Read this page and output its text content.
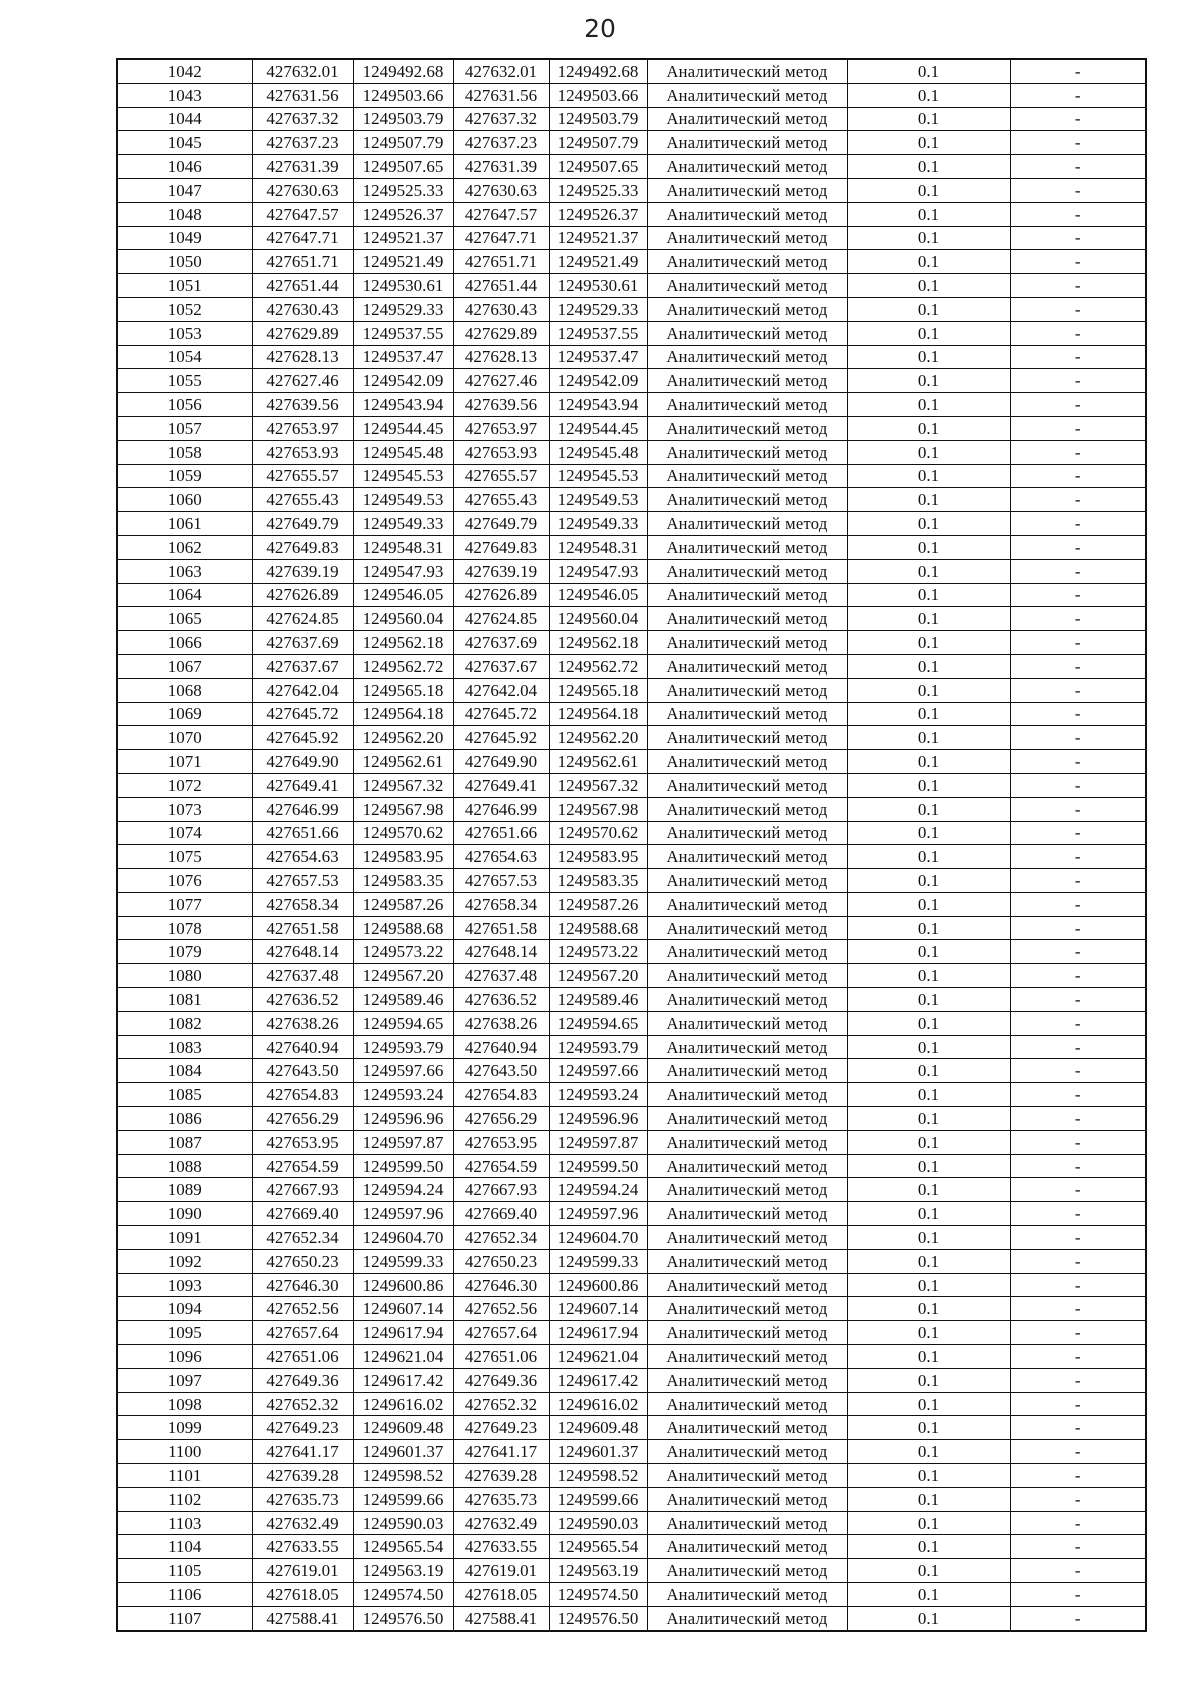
20
1042	427632.01	1249492.68	427632.01	1249492.68	Аналитический метод	0.1	-
1043	427631.56	1249503.66	427631.56	1249503.66	Аналитический метод	0.1	-
1044	427637.32	1249503.79	427637.32	1249503.79	Аналитический метод	0.1	-
1045	427637.23	1249507.79	427637.23	1249507.79	Аналитический метод	0.1	-
1046	427631.39	1249507.65	427631.39	1249507.65	Аналитический метод	0.1	-
1047	427630.63	1249525.33	427630.63	1249525.33	Аналитический метод	0.1	-
1048	427647.57	1249526.37	427647.57	1249526.37	Аналитический метод	0.1	-
1049	427647.71	1249521.37	427647.71	1249521.37	Аналитический метод	0.1	-
1050	427651.71	1249521.49	427651.71	1249521.49	Аналитический метод	0.1	-
1051	427651.44	1249530.61	427651.44	1249530.61	Аналитический метод	0.1	-
1052	427630.43	1249529.33	427630.43	1249529.33	Аналитический метод	0.1	-
1053	427629.89	1249537.55	427629.89	1249537.55	Аналитический метод	0.1	-
1054	427628.13	1249537.47	427628.13	1249537.47	Аналитический метод	0.1	-
1055	427627.46	1249542.09	427627.46	1249542.09	Аналитический метод	0.1	-
1056	427639.56	1249543.94	427639.56	1249543.94	Аналитический метод	0.1	-
1057	427653.97	1249544.45	427653.97	1249544.45	Аналитический метод	0.1	-
1058	427653.93	1249545.48	427653.93	1249545.48	Аналитический метод	0.1	-
1059	427655.57	1249545.53	427655.57	1249545.53	Аналитический метод	0.1	-
1060	427655.43	1249549.53	427655.43	1249549.53	Аналитический метод	0.1	-
1061	427649.79	1249549.33	427649.79	1249549.33	Аналитический метод	0.1	-
1062	427649.83	1249548.31	427649.83	1249548.31	Аналитический метод	0.1	-
1063	427639.19	1249547.93	427639.19	1249547.93	Аналитический метод	0.1	-
1064	427626.89	1249546.05	427626.89	1249546.05	Аналитический метод	0.1	-
1065	427624.85	1249560.04	427624.85	1249560.04	Аналитический метод	0.1	-
1066	427637.69	1249562.18	427637.69	1249562.18	Аналитический метод	0.1	-
1067	427637.67	1249562.72	427637.67	1249562.72	Аналитический метод	0.1	-
1068	427642.04	1249565.18	427642.04	1249565.18	Аналитический метод	0.1	-
1069	427645.72	1249564.18	427645.72	1249564.18	Аналитический метод	0.1	-
1070	427645.92	1249562.20	427645.92	1249562.20	Аналитический метод	0.1	-
1071	427649.90	1249562.61	427649.90	1249562.61	Аналитический метод	0.1	-
1072	427649.41	1249567.32	427649.41	1249567.32	Аналитический метод	0.1	-
1073	427646.99	1249567.98	427646.99	1249567.98	Аналитический метод	0.1	-
1074	427651.66	1249570.62	427651.66	1249570.62	Аналитический метод	0.1	-
1075	427654.63	1249583.95	427654.63	1249583.95	Аналитический метод	0.1	-
1076	427657.53	1249583.35	427657.53	1249583.35	Аналитический метод	0.1	-
1077	427658.34	1249587.26	427658.34	1249587.26	Аналитический метод	0.1	-
1078	427651.58	1249588.68	427651.58	1249588.68	Аналитический метод	0.1	-
1079	427648.14	1249573.22	427648.14	1249573.22	Аналитический метод	0.1	-
1080	427637.48	1249567.20	427637.48	1249567.20	Аналитический метод	0.1	-
1081	427636.52	1249589.46	427636.52	1249589.46	Аналитический метод	0.1	-
1082	427638.26	1249594.65	427638.26	1249594.65	Аналитический метод	0.1	-
1083	427640.94	1249593.79	427640.94	1249593.79	Аналитический метод	0.1	-
1084	427643.50	1249597.66	427643.50	1249597.66	Аналитический метод	0.1	-
1085	427654.83	1249593.24	427654.83	1249593.24	Аналитический метод	0.1	-
1086	427656.29	1249596.96	427656.29	1249596.96	Аналитический метод	0.1	-
1087	427653.95	1249597.87	427653.95	1249597.87	Аналитический метод	0.1	-
1088	427654.59	1249599.50	427654.59	1249599.50	Аналитический метод	0.1	-
1089	427667.93	1249594.24	427667.93	1249594.24	Аналитический метод	0.1	-
1090	427669.40	1249597.96	427669.40	1249597.96	Аналитический метод	0.1	-
1091	427652.34	1249604.70	427652.34	1249604.70	Аналитический метод	0.1	-
1092	427650.23	1249599.33	427650.23	1249599.33	Аналитический метод	0.1	-
1093	427646.30	1249600.86	427646.30	1249600.86	Аналитический метод	0.1	-
1094	427652.56	1249607.14	427652.56	1249607.14	Аналитический метод	0.1	-
1095	427657.64	1249617.94	427657.64	1249617.94	Аналитический метод	0.1	-
1096	427651.06	1249621.04	427651.06	1249621.04	Аналитический метод	0.1	-
1097	427649.36	1249617.42	427649.36	1249617.42	Аналитический метод	0.1	-
1098	427652.32	1249616.02	427652.32	1249616.02	Аналитический метод	0.1	-
1099	427649.23	1249609.48	427649.23	1249609.48	Аналитический метод	0.1	-
1100	427641.17	1249601.37	427641.17	1249601.37	Аналитический метод	0.1	-
1101	427639.28	1249598.52	427639.28	1249598.52	Аналитический метод	0.1	-
1102	427635.73	1249599.66	427635.73	1249599.66	Аналитический метод	0.1	-
1103	427632.49	1249590.03	427632.49	1249590.03	Аналитический метод	0.1	-
1104	427633.55	1249565.54	427633.55	1249565.54	Аналитический метод	0.1	-
1105	427619.01	1249563.19	427619.01	1249563.19	Аналитический метод	0.1	-
1106	427618.05	1249574.50	427618.05	1249574.50	Аналитический метод	0.1	-
1107	427588.41	1249576.50	427588.41	1249576.50	Аналитический метод	0.1	-
